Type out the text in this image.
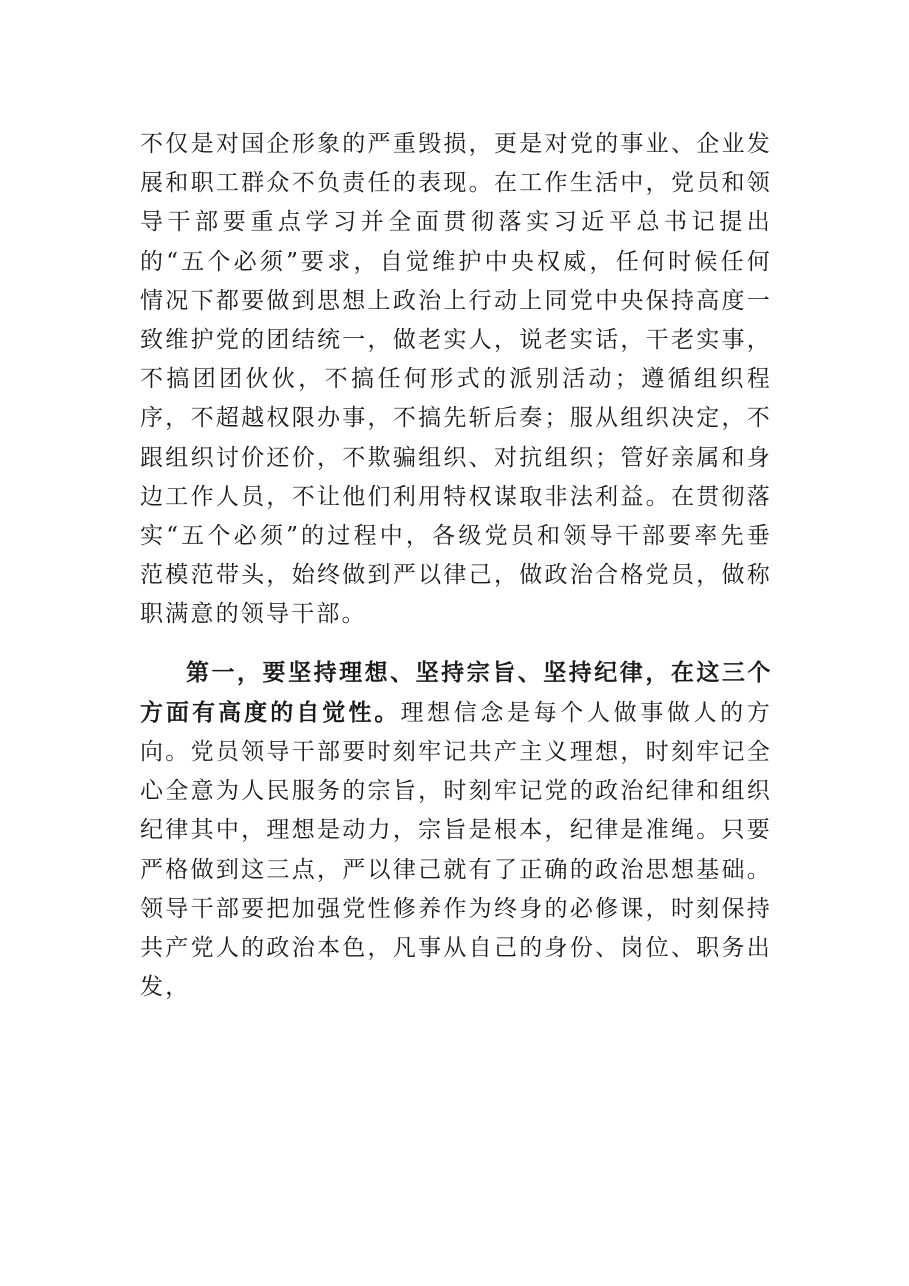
不仅是对国企形象的严重毁损，更是对党的事业、企业发展和职工群众不负责任的表现。在工作生活中，党员和领导干部要重点学习并全面贯彻落实习近平总书记提出的“五个必须”要求，自觉维护中央权威，任何时候任何情况下都要做到思想上政治上行动上同党中央保持高度一致维护党的团结统一，做老实人，说老实话，干老实事，不搞团团伙伙，不搞任何形式的派别活动；遵循组织程序，不超越权限办事，不搞先斩后奏；服从组织决定，不跟组织讨价还价，不欺骗组织、对抗组织；管好亲属和身边工作人员，不让他们利用特权谋取非法利益。在贯彻落实“五个必须”的过程中，各级党员和领导干部要率先垂范模范带头，始终做到严以律己，做政治合格党员，做称职满意的领导干部。

第一，要坚持理想、坚持宗旨、坚持纪律，在这三个方面有高度的自觉性。理想信念是每个人做事做人的方向。党员领导干部要时刻牢记共产主义理想，时刻牢记全心全意为人民服务的宗旨，时刻牢记党的政治纪律和组织纪律其中，理想是动力，宗旨是根本，纪律是准绳。只要严格做到这三点，严以律己就有了正确的政治思想基础。领导干部要把加强党性修养作为终身的必修课，时刻保持共产党人的政治本色，凡事从自己的身份、岗位、职务出发，
